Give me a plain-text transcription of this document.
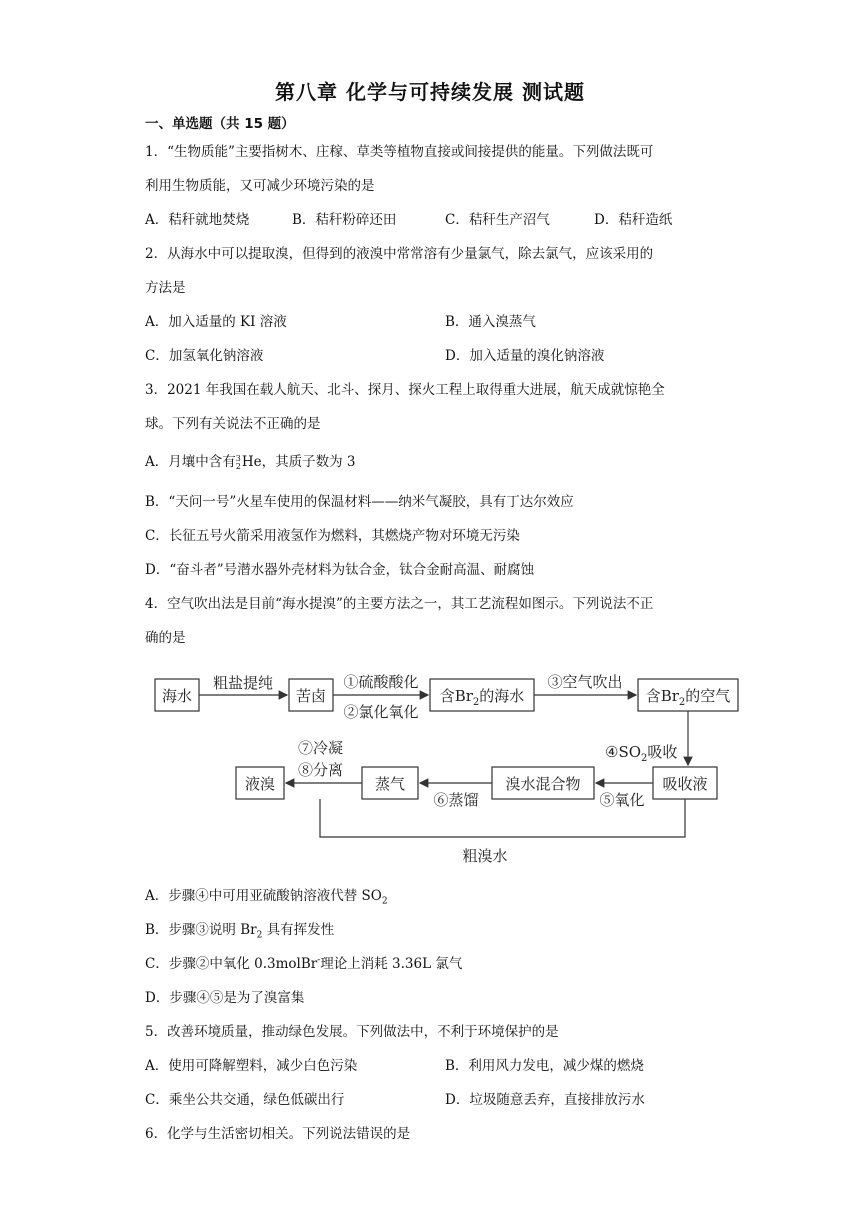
第八章 化学与可持续发展 测试题
一、单选题（共 15 题）
1．“生物质能”主要指树木、庄稼、草类等植物直接或间接提供的能量。下列做法既可
利用生物质能，又可减少环境污染的是
A．秸秆就地焚烧	B．秸秆粉碎还田	C．秸秆生产沼气	D．秸秆造纸
2．从海水中可以提取溴，但得到的液溴中常常溶有少量氯气，除去氯气，应该采用的
方法是
A．加入适量的 KI 溶液	B．通入溴蒸气
C．加氢氧化钠溶液	D．加入适量的溴化钠溶液
3．2021 年我国在载人航天、北斗、探月、探火工程上取得重大进展，航天成就惊艳全
球。下列有关说法不正确的是
A．月壤中含有3
2He，其质子数为 3
B．“天问一号”火星车使用的保温材料——纳米气凝胶，具有丁达尔效应
C．长征五号火箭采用液氢作为燃料，其燃烧产物对环境无污染
D．“奋斗者”号潜水器外壳材料为钛合金，钛合金耐高温、耐腐蚀
4．空气吹出法是目前“海水提溴”的主要方法之一，其工艺流程如图示。下列说法不正
确的是
海水
粗盐提纯
苦卤
①硫酸酸化
②氯化氧化
含$Br_2$的海水
③空气吹出
含$Br_2$的空气
$④SO_2$吸收
吸收液
⑤氧化
溴水混合物
⑥蒸馏
蒸气
⑦冷凝
⑧分离
液溴
粗溴水
A．步骤④中可用亚硫酸钠溶液代替 $SO_2$
B．步骤③说明 $Br_2$ 具有挥发性
C．步骤②中氧化 0.3molBr-理论上消耗 3.36L 氯气
D．步骤④⑤是为了溴富集
5．改善环境质量，推动绿色发展。下列做法中，不利于环境保护的是
A．使用可降解塑料，减少白色污染	B．利用风力发电，减少煤的燃烧
C．乘坐公共交通，绿色低碳出行	D．垃圾随意丢弃，直接排放污水
6．化学与生活密切相关。下列说法错误的是
